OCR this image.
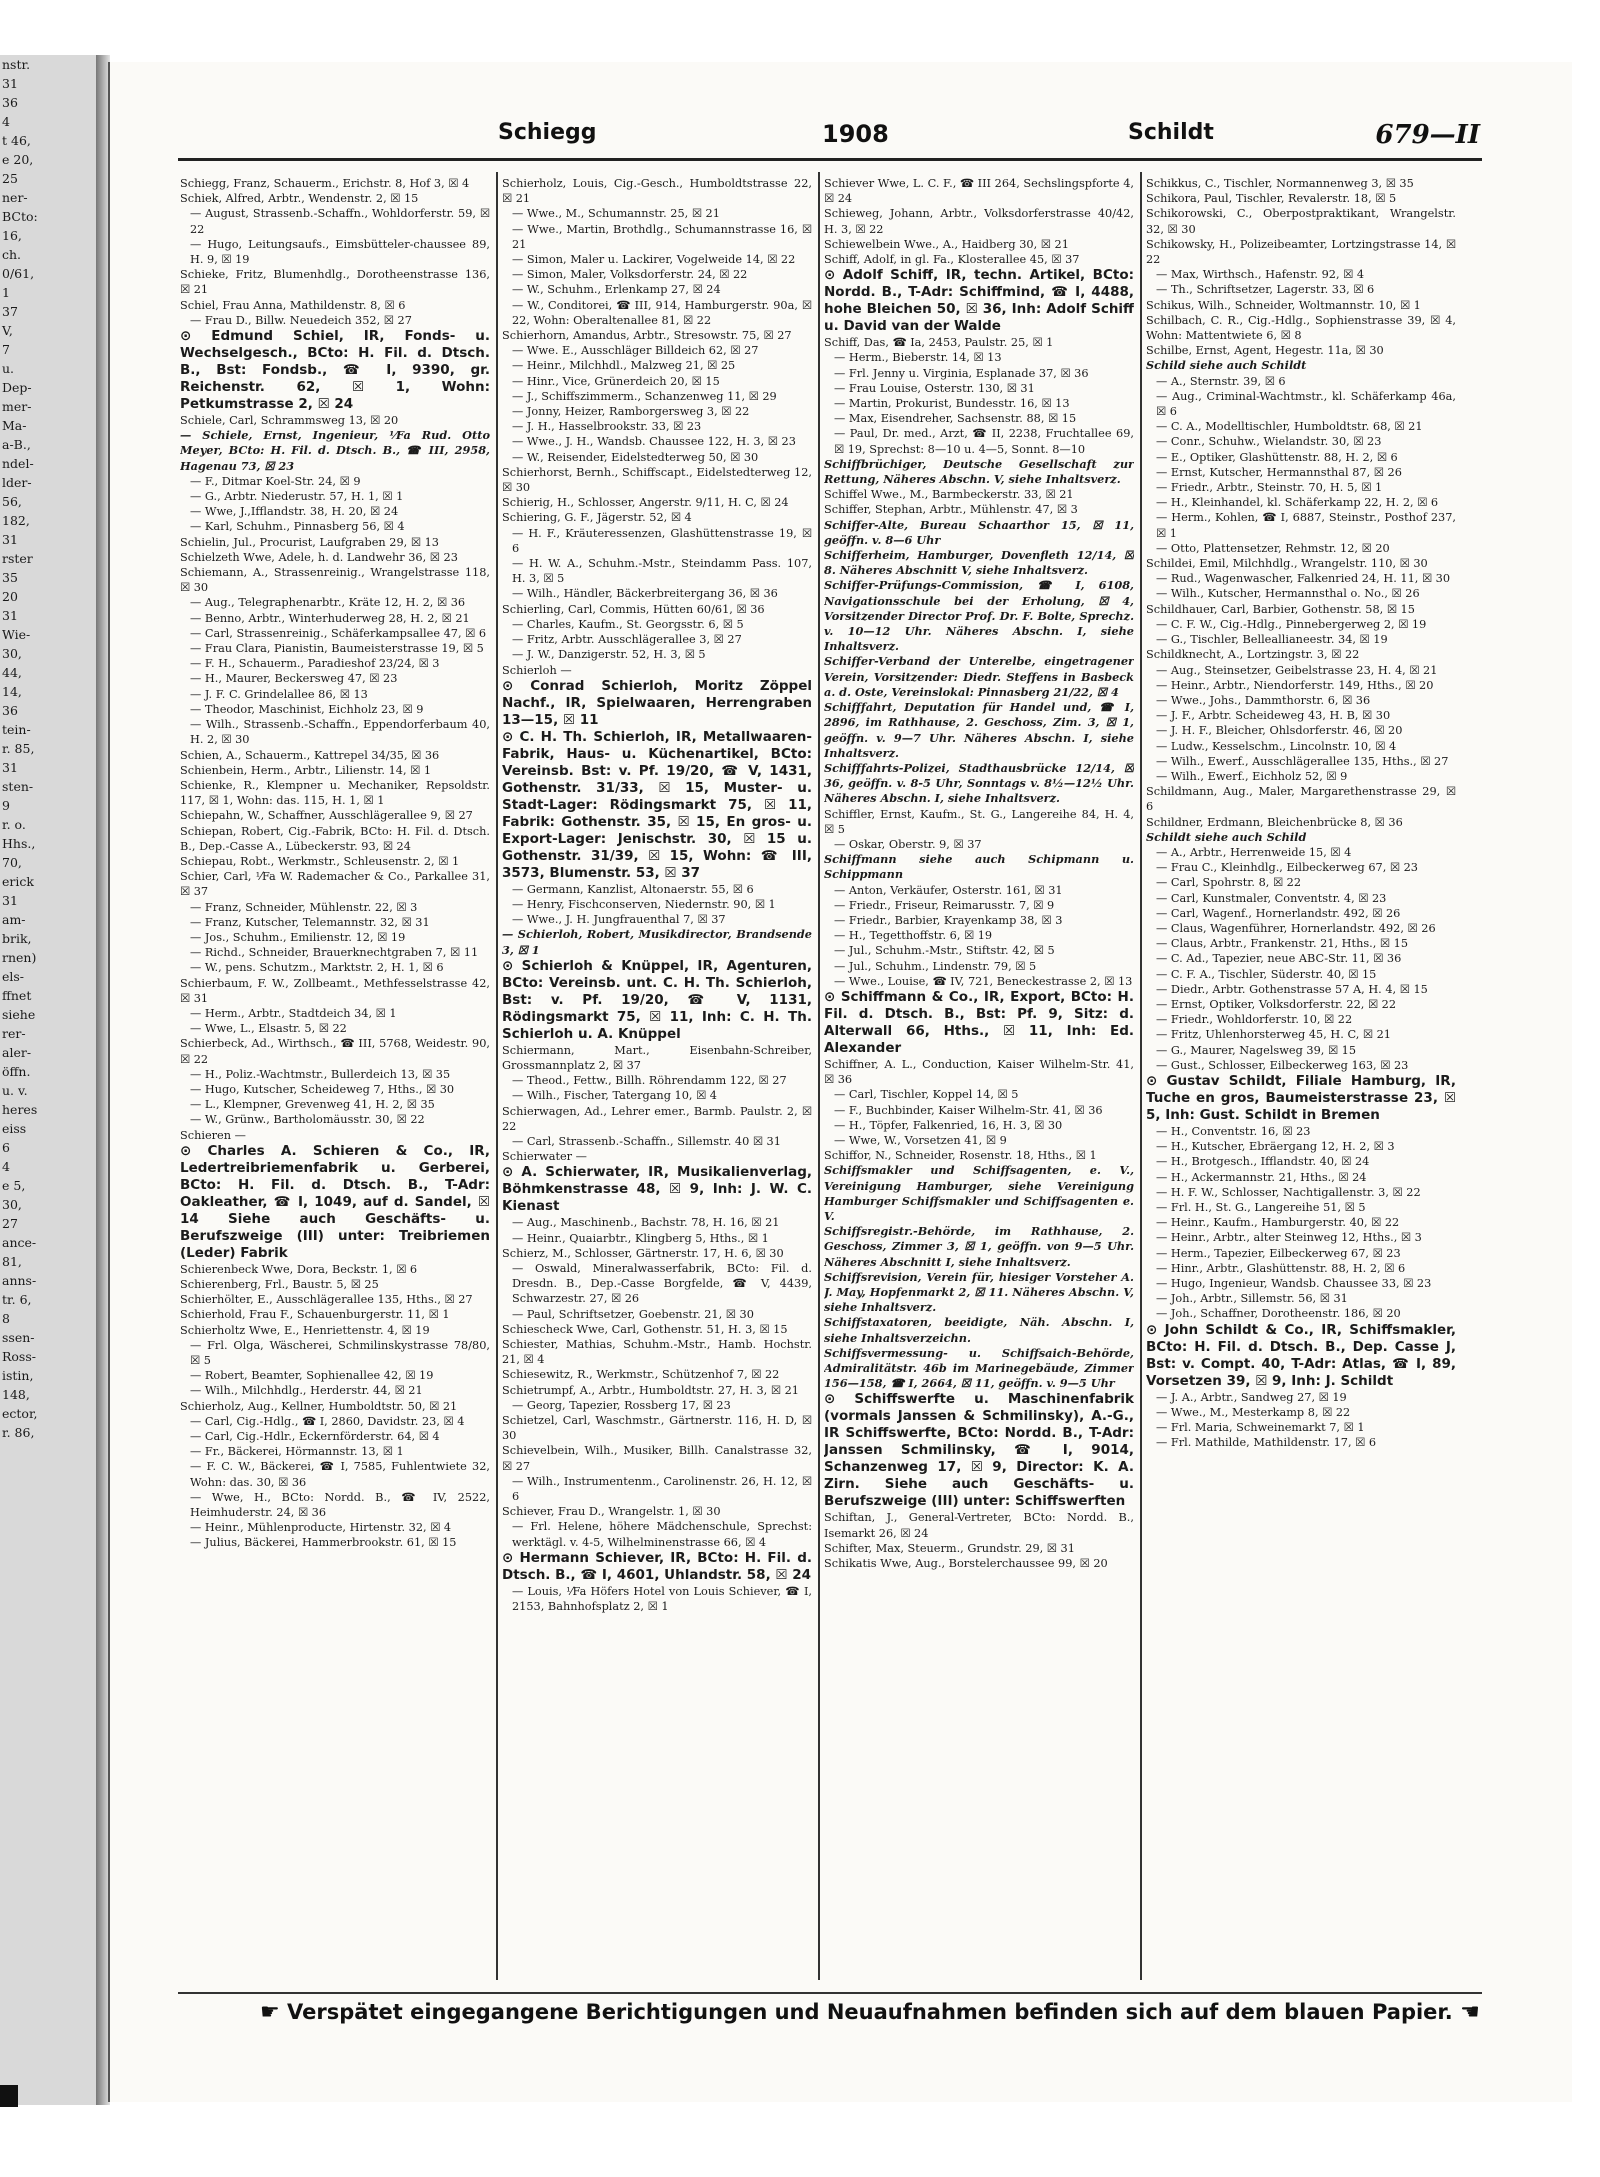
nstr.
31
36
4
t 46,
e 20,
25
ner-
BCto:
16,
ch.
0/61,
1
37
V,
7
u.
Dep-
mer-
Ma-
a-B.,
ndel-
lder-
56,
182,
31
rster
35
20
31
Wie-
30,
44,
14,
36
tein-
r. 85,
31
sten-
9
r. o.
Hhs.,
70,
erick
31
am-
brik,
rnen)
els-
ffnet
siehe
rer-
aler-
öffn.
u. v.
heres
eiss
6
4
e 5,
30,
27
ance-
81,
anns-
tr. 6,
8
ssen-
Ross-
istin,
148,
ector,
r. 86,
Schiegg	1908	Schildt	679—II

Schiegg, Franz, Schauerm., Erichstr. 8, Hof 3, ☒ 4

Schiek, Alfred, Arbtr., Wendenstr. 2, ☒ 15

— August, Strassenb.-Schaffn., Wohldorferstr. 59, ☒ 22

— Hugo, Leitungsaufs., Eimsbütteler-chaussee 89, H. 9, ☒ 19

Schieke, Fritz, Blumenhdlg., Dorotheenstrasse 136, ☒ 21

Schiel, Frau Anna, Mathildenstr. 8, ☒ 6

— Frau D., Billw. Neuedeich 352, ☒ 27

⊙ Edmund Schiel, IR, Fonds- u. Wechselgesch., BCto: H. Fil. d. Dtsch. B., Bst: Fondsb., ☎ I, 9390, gr. Reichenstr. 62, ☒ 1, Wohn: Petkumstrasse 2, ☒ 24

Schiele, Carl, Schrammsweg 13, ☒ 20

— Schiele, Ernst, Ingenieur, ¹⁄Fa Rud. Otto Meyer, BCto: H. Fil. d. Dtsch. B., ☎ III, 2958, Hagenau 73, ☒ 23

— F., Ditmar Koel-Str. 24, ☒ 9

— G., Arbtr. Niederustr. 57, H. 1, ☒ 1

— Wwe, J.,Ifflandstr. 38, H. 20, ☒ 24

— Karl, Schuhm., Pinnasberg 56, ☒ 4

Schielin, Jul., Procurist, Laufgraben 29, ☒ 13

Schielzeth Wwe, Adele, h. d. Landwehr 36, ☒ 23

Schiemann, A., Strassenreinig., Wrangelstrasse 118, ☒ 30

— Aug., Telegraphenarbtr., Kräte 12, H. 2, ☒ 36

— Benno, Arbtr., Winterhuderweg 28, H. 2, ☒ 21

— Carl, Strassenreinig., Schäferkampsallee 47, ☒ 6

— Frau Clara, Pianistin, Baumeisterstrasse 19, ☒ 5

— F. H., Schauerm., Paradieshof 23/24, ☒ 3

— H., Maurer, Beckersweg 47, ☒ 23

— J. F. C. Grindelallee 86, ☒ 13

— Theodor, Maschinist, Eichholz 23, ☒ 9

— Wilh., Strassenb.-Schaffn., Eppendorferbaum 40, H. 2, ☒ 30

Schien, A., Schauerm., Kattrepel 34/35, ☒ 36

Schienbein, Herm., Arbtr., Lilienstr. 14, ☒ 1

Schienke, R., Klempner u. Mechaniker, Repsoldstr. 117, ☒ 1, Wohn: das. 115, H. 1, ☒ 1

Schiepahn, W., Schaffner, Ausschlägerallee 9, ☒ 27

Schiepan, Robert, Cig.-Fabrik, BCto: H. Fil. d. Dtsch. B., Dep.-Casse A., Lübeckerstr. 93, ☒ 24

Schiepau, Robt., Werkmstr., Schleusenstr. 2, ☒ 1

Schier, Carl, ¹⁄Fa W. Rademacher & Co., Parkallee 31, ☒ 37

— Franz, Schneider, Mühlenstr. 22, ☒ 3

— Franz, Kutscher, Telemannstr. 32, ☒ 31

— Jos., Schuhm., Emilienstr. 12, ☒ 19

— Richd., Schneider, Brauerknechtgraben 7, ☒ 11

— W., pens. Schutzm., Marktstr. 2, H. 1, ☒ 6

Schierbaum, F. W., Zollbeamt., Methfesselstrasse 42, ☒ 31

— Herm., Arbtr., Stadtdeich 34, ☒ 1

— Wwe, L., Elsastr. 5, ☒ 22

Schierbeck, Ad., Wirthsch., ☎ III, 5768, Weidestr. 90, ☒ 22

— H., Poliz.-Wachtmstr., Bullerdeich 13, ☒ 35

— Hugo, Kutscher, Scheideweg 7, Hths., ☒ 30

— L., Klempner, Grevenweg 41, H. 2, ☒ 35

— W., Grünw., Bartholomäusstr. 30, ☒ 22

Schieren —

⊙ Charles A. Schieren & Co., IR, Ledertreibriemenfabrik u. Gerberei, BCto: H. Fil. d. Dtsch. B., T-Adr: Oakleather, ☎ I, 1049, auf d. Sandel, ☒ 14 Siehe auch Geschäfts- u. Berufszweige (III) unter: Treibriemen (Leder) Fabrik

Schierenbeck Wwe, Dora, Beckstr. 1, ☒ 6

Schierenberg, Frl., Baustr. 5, ☒ 25

Schierhölter, E., Ausschlägerallee 135, Hths., ☒ 27

Schierhold, Frau F., Schauenburgerstr. 11, ☒ 1

Schierholtz Wwe, E., Henriettenstr. 4, ☒ 19

— Frl. Olga, Wäscherei, Schmilinskystrasse 78/80, ☒ 5

— Robert, Beamter, Sophienallee 42, ☒ 19

— Wilh., Milchhdlg., Herderstr. 44, ☒ 21

Schierholz, Aug., Kellner, Humboldtstr. 50, ☒ 21

— Carl, Cig.-Hdlg., ☎ I, 2860, Davidstr. 23, ☒ 4

— Carl, Cig.-Hdlr., Eckernförderstr. 64, ☒ 4

— Fr., Bäckerei, Hörmannstr. 13, ☒ 1

— F. C. W., Bäckerei, ☎ I, 7585, Fuhlentwiete 32, Wohn: das. 30, ☒ 36

— Wwe, H., BCto: Nordd. B., ☎ IV, 2522, Heimhuderstr. 24, ☒ 36

— Heinr., Mühlenproducte, Hirtenstr. 32, ☒ 4

— Julius, Bäckerei, Hammerbrookstr. 61, ☒ 15

Schierholz, Louis, Cig.-Gesch., Humboldtstrasse 22, ☒ 21

— Wwe., M., Schumannstr. 25, ☒ 21

— Wwe., Martin, Brothdlg., Schumannstrasse 16, ☒ 21

— Simon, Maler u. Lackirer, Vogelweide 14, ☒ 22

— Simon, Maler, Volksdorferstr. 24, ☒ 22

— W., Schuhm., Erlenkamp 27, ☒ 24

— W., Conditorei, ☎ III, 914, Hamburgerstr. 90a, ☒ 22, Wohn: Oberaltenallee 81, ☒ 22

Schierhorn, Amandus, Arbtr., Stresowstr. 75, ☒ 27

— Wwe. E., Ausschläger Billdeich 62, ☒ 27

— Heinr., Milchhdl., Malzweg 21, ☒ 25

— Hinr., Vice, Grünerdeich 20, ☒ 15

— J., Schiffszimmerm., Schanzenweg 11, ☒ 29

— Jonny, Heizer, Ramborgersweg 3, ☒ 22

— J. H., Hasselbrookstr. 33, ☒ 23

— Wwe., J. H., Wandsb. Chaussee 122, H. 3, ☒ 23

— W., Reisender, Eidelstedterweg 50, ☒ 30

Schierhorst, Bernh., Schiffscapt., Eidelstedterweg 12, ☒ 30

Schierig, H., Schlosser, Angerstr. 9/11, H. C, ☒ 24

Schiering, G. F., Jägerstr. 52, ☒ 4

— H. F., Kräuteressenzen, Glashüttenstrasse 19, ☒ 6

— H. W. A., Schuhm.-Mstr., Steindamm Pass. 107, H. 3, ☒ 5

— Wilh., Händler, Bäckerbreitergang 36, ☒ 36

Schierling, Carl, Commis, Hütten 60/61, ☒ 36

— Charles, Kaufm., St. Georgsstr. 6, ☒ 5

— Fritz, Arbtr. Ausschlägerallee 3, ☒ 27

— J. W., Danzigerstr. 52, H. 3, ☒ 5

Schierloh —

⊙ Conrad Schierloh, Moritz Zöppel Nachf., IR, Spielwaaren, Herrengraben 13—15, ☒ 11

⊙ C. H. Th. Schierloh, IR, Metallwaaren-Fabrik, Haus- u. Küchenartikel, BCto: Vereinsb. Bst: v. Pf. 19/20, ☎ V, 1431, Gothenstr. 31/33, ☒ 15, Muster- u. Stadt-Lager: Rödingsmarkt 75, ☒ 11, Fabrik: Gothenstr. 35, ☒ 15, En gros- u. Export-Lager: Jenischstr. 30, ☒ 15 u. Gothenstr. 31/39, ☒ 15, Wohn: ☎ III, 3573, Blumenstr. 53, ☒ 37

— Germann, Kanzlist, Altonaerstr. 55, ☒ 6

— Henry, Fischconserven, Niedernstr. 90, ☒ 1

— Wwe., J. H. Jungfrauenthal 7, ☒ 37

— Schierloh, Robert, Musikdirector, Brandsende 3, ☒ 1

⊙ Schierloh & Knüppel, IR, Agenturen, BCto: Vereinsb. unt. C. H. Th. Schierloh, Bst: v. Pf. 19/20, ☎ V, 1131, Rödingsmarkt 75, ☒ 11, Inh: C. H. Th. Schierloh u. A. Knüppel

Schiermann, Mart., Eisenbahn-Schreiber, Grossmannplatz 2, ☒ 37

— Theod., Fettw., Billh. Röhrendamm 122, ☒ 27

— Wilh., Fischer, Tatergang 10, ☒ 4

Schierwagen, Ad., Lehrer emer., Barmb. Paulstr. 2, ☒ 22

— Carl, Strassenb.-Schaffn., Sillemstr. 40 ☒ 31

Schierwater —

⊙ A. Schierwater, IR, Musikalienverlag, Böhmkenstrasse 48, ☒ 9, Inh: J. W. C. Kienast

— Aug., Maschinenb., Bachstr. 78, H. 16, ☒ 21

— Heinr., Quaiarbtr., Klingberg 5, Hths., ☒ 1

Schierz, M., Schlosser, Gärtnerstr. 17, H. 6, ☒ 30

— Oswald, Mineralwasserfabrik, BCto: Fil. d. Dresdn. B., Dep.-Casse Borgfelde, ☎ V, 4439, Schwarzestr. 27, ☒ 26

— Paul, Schriftsetzer, Goebenstr. 21, ☒ 30

Schiescheck Wwe, Carl, Gothenstr. 51, H. 3, ☒ 15

Schiester, Mathias, Schuhm.-Mstr., Hamb. Hochstr. 21, ☒ 4

Schiesewitz, R., Werkmstr., Schützenhof 7, ☒ 22

Schietrumpf, A., Arbtr., Humboldtstr. 27, H. 3, ☒ 21

— Georg, Tapezier, Rossberg 17, ☒ 23

Schietzel, Carl, Waschmstr., Gärtnerstr. 116, H. D, ☒ 30

Schievelbein, Wilh., Musiker, Billh. Canalstrasse 32, ☒ 27

— Wilh., Instrumentenm., Carolinenstr. 26, H. 12, ☒ 6

Schiever, Frau D., Wrangelstr. 1, ☒ 30

— Frl. Helene, höhere Mädchenschule, Sprechst: werktägl. v. 4-5, Wilhelminenstrasse 66, ☒ 4

⊙ Hermann Schiever, IR, BCto: H. Fil. d. Dtsch. B., ☎ I, 4601, Uhlandstr. 58, ☒ 24

— Louis, ¹⁄Fa Höfers Hotel von Louis Schiever, ☎ I, 2153, Bahnhofsplatz 2, ☒ 1

Schiever Wwe, L. C. F., ☎ III 264, Sechslingspforte 4, ☒ 24

Schieweg, Johann, Arbtr., Volksdorferstrasse 40/42, H. 3, ☒ 22

Schiewelbein Wwe., A., Haidberg 30, ☒ 21

Schiff, Adolf, in gl. Fa., Klosterallee 45, ☒ 37

⊙ Adolf Schiff, IR, techn. Artikel, BCto: Nordd. B., T-Adr: Schiffmind, ☎ I, 4488, hohe Bleichen 50, ☒ 36, Inh: Adolf Schiff u. David van der Walde

Schiff, Das, ☎ Ia, 2453, Paulstr. 25, ☒ 1

— Herm., Bieberstr. 14, ☒ 13

— Frl. Jenny u. Virginia, Esplanade 37, ☒ 36

— Frau Louise, Osterstr. 130, ☒ 31

— Martin, Prokurist, Bundesstr. 16, ☒ 13

— Max, Eisendreher, Sachsenstr. 88, ☒ 15

— Paul, Dr. med., Arzt, ☎ II, 2238, Fruchtallee 69, ☒ 19, Sprechst: 8—10 u. 4—5, Sonnt. 8—10

Schiffbrüchiger, Deutsche Gesellschaft zur Rettung, Näheres Abschn. V, siehe Inhaltsverz.

Schiffel Wwe., M., Barmbeckerstr. 33, ☒ 21

Schiffer, Stephan, Arbtr., Mühlenstr. 47, ☒ 3

Schiffer-Alte, Bureau Schaarthor 15, ☒ 11, geöffn. v. 8—6 Uhr

Schifferheim, Hamburger, Dovenfleth 12/14, ☒ 8. Näheres Abschnitt V, siehe Inhaltsverz.

Schiffer-Prüfungs-Commission, ☎ I, 6108, Navigationsschule bei der Erholung, ☒ 4, Vorsitzender Director Prof. Dr. F. Bolte, Sprechz. v. 10—12 Uhr. Näheres Abschn. I, siehe Inhaltsverz.

Schiffer-Verband der Unterelbe, eingetragener Verein, Vorsitzender: Diedr. Steffens in Basbeck a. d. Oste, Vereinslokal: Pinnasberg 21/22, ☒ 4

Schifffahrt, Deputation für Handel und, ☎ I, 2896, im Rathhause, 2. Geschoss, Zim. 3, ☒ 1, geöffn. v. 9—7 Uhr. Näheres Abschn. I, siehe Inhaltsverz.

Schifffahrts-Polizei, Stadthausbrücke 12/14, ☒ 36, geöffn. v. 8-5 Uhr, Sonntags v. 8½—12½ Uhr. Näheres Abschn. I, siehe Inhaltsverz.

Schiffler, Ernst, Kaufm., St. G., Langereihe 84, H. 4, ☒ 5

— Oskar, Oberstr. 9, ☒ 37

Schiffmann siehe auch Schipmann u. Schippmann

— Anton, Verkäufer, Osterstr. 161, ☒ 31

— Friedr., Friseur, Reimarusstr. 7, ☒ 9

— Friedr., Barbier, Krayenkamp 38, ☒ 3

— H., Tegetthoffstr. 6, ☒ 19

— Jul., Schuhm.-Mstr., Stiftstr. 42, ☒ 5

— Jul., Schuhm., Lindenstr. 79, ☒ 5

— Wwe., Louise, ☎ IV, 721, Beneckestrasse 2, ☒ 13

⊙ Schiffmann & Co., IR, Export, BCto: H. Fil. d. Dtsch. B., Bst: Pf. 9, Sitz: d. Alterwall 66, Hths., ☒ 11, Inh: Ed. Alexander

Schiffner, A. L., Conduction, Kaiser Wilhelm-Str. 41, ☒ 36

— Carl, Tischler, Koppel 14, ☒ 5

— F., Buchbinder, Kaiser Wilhelm-Str. 41, ☒ 36

— H., Töpfer, Falkenried, 16, H. 3, ☒ 30

— Wwe, W., Vorsetzen 41, ☒ 9

Schiffor, N., Schneider, Rosenstr. 18, Hths., ☒ 1

Schiffsmakler und Schiffsagenten, e. V., Vereinigung Hamburger, siehe Vereinigung Hamburger Schiffsmakler und Schiffsagenten e. V.

Schiffsregistr.-Behörde, im Rathhause, 2. Geschoss, Zimmer 3, ☒ 1, geöffn. von 9—5 Uhr. Näheres Abschnitt I, siehe Inhaltsverz.

Schiffsrevision, Verein für, hiesiger Vorsteher A. J. May, Hopfenmarkt 2, ☒ 11. Näheres Abschn. V, siehe Inhaltsverz.

Schiffstaxatoren, beeidigte, Näh. Abschn. I, siehe Inhaltsverzeichn.

Schiffsvermessung- u. Schiffsaich-Behörde, Admiralitätstr. 46b im Marinegebäude, Zimmer 156—158, ☎ I, 2664, ☒ 11, geöffn. v. 9—5 Uhr

⊙ Schiffswerfte u. Maschinenfabrik (vormals Janssen & Schmilinsky), A.-G., IR Schiffswerfte, BCto: Nordd. B., T-Adr: Janssen Schmilinsky, ☎ I, 9014, Schanzenweg 17, ☒ 9, Director: K. A. Zirn. Siehe auch Geschäfts- u. Berufszweige (III) unter: Schiffswerften

Schiftan, J., General-Vertreter, BCto: Nordd. B., Isemarkt 26, ☒ 24

Schifter, Max, Steuerm., Grundstr. 29, ☒ 31

Schikatis Wwe, Aug., Borstelerchaussee 99, ☒ 20

Schikkus, C., Tischler, Normannenweg 3, ☒ 35

Schikora, Paul, Tischler, Revalerstr. 18, ☒ 5

Schikorowski, C., Oberpostpraktikant, Wrangelstr. 32, ☒ 30

Schikowsky, H., Polizeibeamter, Lortzingstrasse 14, ☒ 22

— Max, Wirthsch., Hafenstr. 92, ☒ 4

— Th., Schriftsetzer, Lagerstr. 33, ☒ 6

Schikus, Wilh., Schneider, Woltmannstr. 10, ☒ 1

Schilbach, C. R., Cig.-Hdlg., Sophienstrasse 39, ☒ 4, Wohn: Mattentwiete 6, ☒ 8

Schilbe, Ernst, Agent, Hegestr. 11a, ☒ 30

Schild siehe auch Schildt

— A., Sternstr. 39, ☒ 6

— Aug., Criminal-Wachtmstr., kl. Schäferkamp 46a, ☒ 6

— C. A., Modelltischler, Humboldtstr. 68, ☒ 21

— Conr., Schuhw., Wielandstr. 30, ☒ 23

— E., Optiker, Glashüttenstr. 88, H. 2, ☒ 6

— Ernst, Kutscher, Hermannsthal 87, ☒ 26

— Friedr., Arbtr., Steinstr. 70, H. 5, ☒ 1

— H., Kleinhandel, kl. Schäferkamp 22, H. 2, ☒ 6

— Herm., Kohlen, ☎ I, 6887, Steinstr., Posthof 237, ☒ 1

— Otto, Plattensetzer, Rehmstr. 12, ☒ 20

Schildei, Emil, Milchhdlg., Wrangelstr. 110, ☒ 30

— Rud., Wagenwascher, Falkenried 24, H. 11, ☒ 30

— Wilh., Kutscher, Hermannsthal o. No., ☒ 26

Schildhauer, Carl, Barbier, Gothenstr. 58, ☒ 15

— C. F. W., Cig.-Hdlg., Pinnebergerweg 2, ☒ 19

— G., Tischler, Belleallianeestr. 34, ☒ 19

Schildknecht, A., Lortzingstr. 3, ☒ 22

— Aug., Steinsetzer, Geibelstrasse 23, H. 4, ☒ 21

— Heinr., Arbtr., Niendorferstr. 149, Hths., ☒ 20

— Wwe., Johs., Dammthorstr. 6, ☒ 36

— J. F., Arbtr. Scheideweg 43, H. B, ☒ 30

— J. H. F., Bleicher, Ohlsdorferstr. 46, ☒ 20

— Ludw., Kesselschm., Lincolnstr. 10, ☒ 4

— Wilh., Ewerf., Ausschlägerallee 135, Hths., ☒ 27

— Wilh., Ewerf., Eichholz 52, ☒ 9

Schildmann, Aug., Maler, Margarethenstrasse 29, ☒ 6

Schildner, Erdmann, Bleichenbrücke 8, ☒ 36

Schildt siehe auch Schild

— A., Arbtr., Herrenweide 15, ☒ 4

— Frau C., Kleinhdlg., Eilbeckerweg 67, ☒ 23

— Carl, Spohrstr. 8, ☒ 22

— Carl, Kunstmaler, Conventstr. 4, ☒ 23

— Carl, Wagenf., Hornerlandstr. 492, ☒ 26

— Claus, Wagenführer, Hornerlandstr. 492, ☒ 26

— Claus, Arbtr., Frankenstr. 21, Hths., ☒ 15

— C. Ad., Tapezier, neue ABC-Str. 11, ☒ 36

— C. F. A., Tischler, Süderstr. 40, ☒ 15

— Diedr., Arbtr. Gothenstrasse 57 A, H. 4, ☒ 15

— Ernst, Optiker, Volksdorferstr. 22, ☒ 22

— Friedr., Wohldorferstr. 10, ☒ 22

— Fritz, Uhlenhorsterweg 45, H. C, ☒ 21

— G., Maurer, Nagelsweg 39, ☒ 15

— Gust., Schlosser, Eilbeckerweg 163, ☒ 23

⊙ Gustav Schildt, Filiale Hamburg, IR, Tuche en gros, Baumeisterstrasse 23, ☒ 5, Inh: Gust. Schildt in Bremen

— H., Conventstr. 16, ☒ 23

— H., Kutscher, Ebräergang 12, H. 2, ☒ 3

— H., Brotgesch., Ifflandstr. 40, ☒ 24

— H., Ackermannstr. 21, Hths., ☒ 24

— H. F. W., Schlosser, Nachtigallenstr. 3, ☒ 22

— Frl. H., St. G., Langereihe 51, ☒ 5

— Heinr., Kaufm., Hamburgerstr. 40, ☒ 22

— Heinr., Arbtr., alter Steinweg 12, Hths., ☒ 3

— Herm., Tapezier, Eilbeckerweg 67, ☒ 23

— Hinr., Arbtr., Glashüttenstr. 88, H. 2, ☒ 6

— Hugo, Ingenieur, Wandsb. Chaussee 33, ☒ 23

— Joh., Arbtr., Sillemstr. 56, ☒ 31

— Joh., Schaffner, Dorotheenstr. 186, ☒ 20

⊙ John Schildt & Co., IR, Schiffsmakler, BCto: H. Fil. d. Dtsch. B., Dep. Casse J, Bst: v. Compt. 40, T-Adr: Atlas, ☎ I, 89, Vorsetzen 39, ☒ 9, Inh: J. Schildt

— J. A., Arbtr., Sandweg 27, ☒ 19

— Wwe., M., Mesterkamp 8, ☒ 22

— Frl. Maria, Schweinemarkt 7, ☒ 1

— Frl. Mathilde, Mathildenstr. 17, ☒ 6

☛ Verspätet eingegangene Berichtigungen und Neuaufnahmen befinden sich auf dem blauen Papier. ☚
